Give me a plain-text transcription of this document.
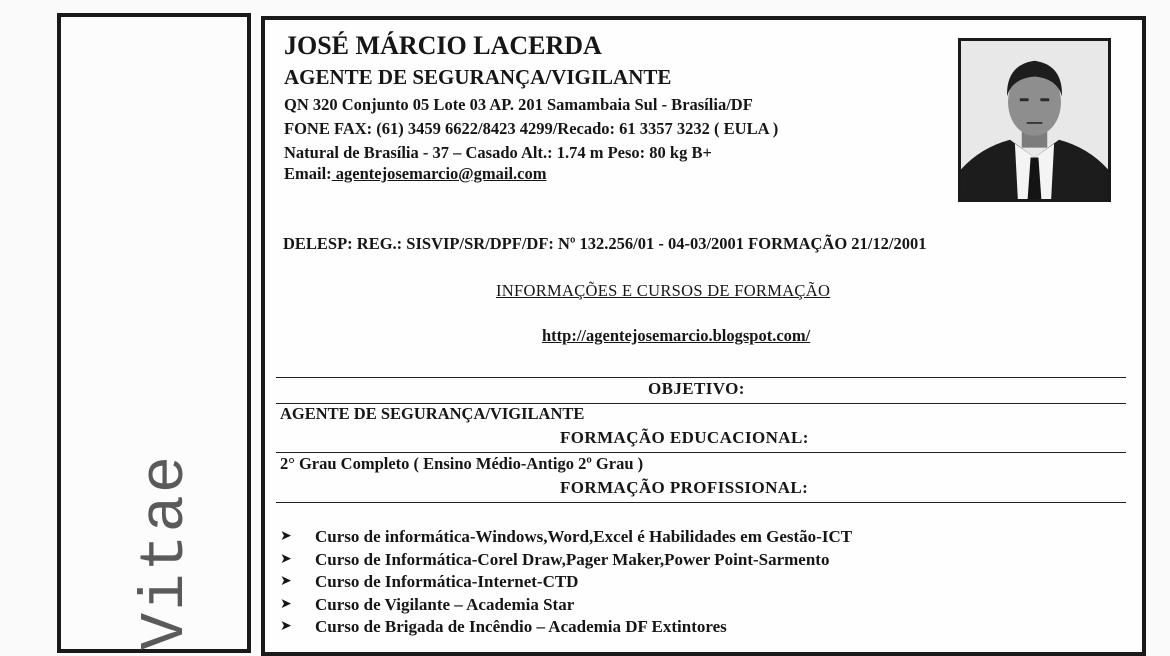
Vitae
JOSÉ MÁRCIO LACERDA
AGENTE DE SEGURANÇA/VIGILANTE
QN 320 Conjunto 05 Lote 03 AP. 201 Samambaia Sul - Brasília/DF
FONE FAX: (61) 3459 6622/8423 4299/Recado: 61 3357 3232 ( EULA )
Natural de Brasília - 37 – Casado Alt.: 1.74 m Peso: 80 kg B+
Email: agentejosemarcio@gmail.com
DELESP: REG.: SISVIP/SR/DPF/DF: Nº 132.256/01 - 04-03/2001 FORMAÇÃO 21/12/2001
INFORMAÇÕES E CURSOS DE FORMAÇÃO
http://agentejosemarcio.blogspot.com/
OBJETIVO:
AGENTE DE SEGURANÇA/VIGILANTE
FORMAÇÃO EDUCACIONAL:
2° Grau Completo ( Ensino Médio-Antigo 2º Grau )
FORMAÇÃO PROFISSIONAL:
➤ Curso de informática-Windows,Word,Excel é Habilidades em Gestão-ICT
➤ Curso de Informática-Corel Draw,Pager Maker,Power Point-Sarmento
➤ Curso de Informática-Internet-CTD
➤ Curso de Vigilante – Academia Star
➤ Curso de Brigada de Incêndio – Academia DF Extintores
